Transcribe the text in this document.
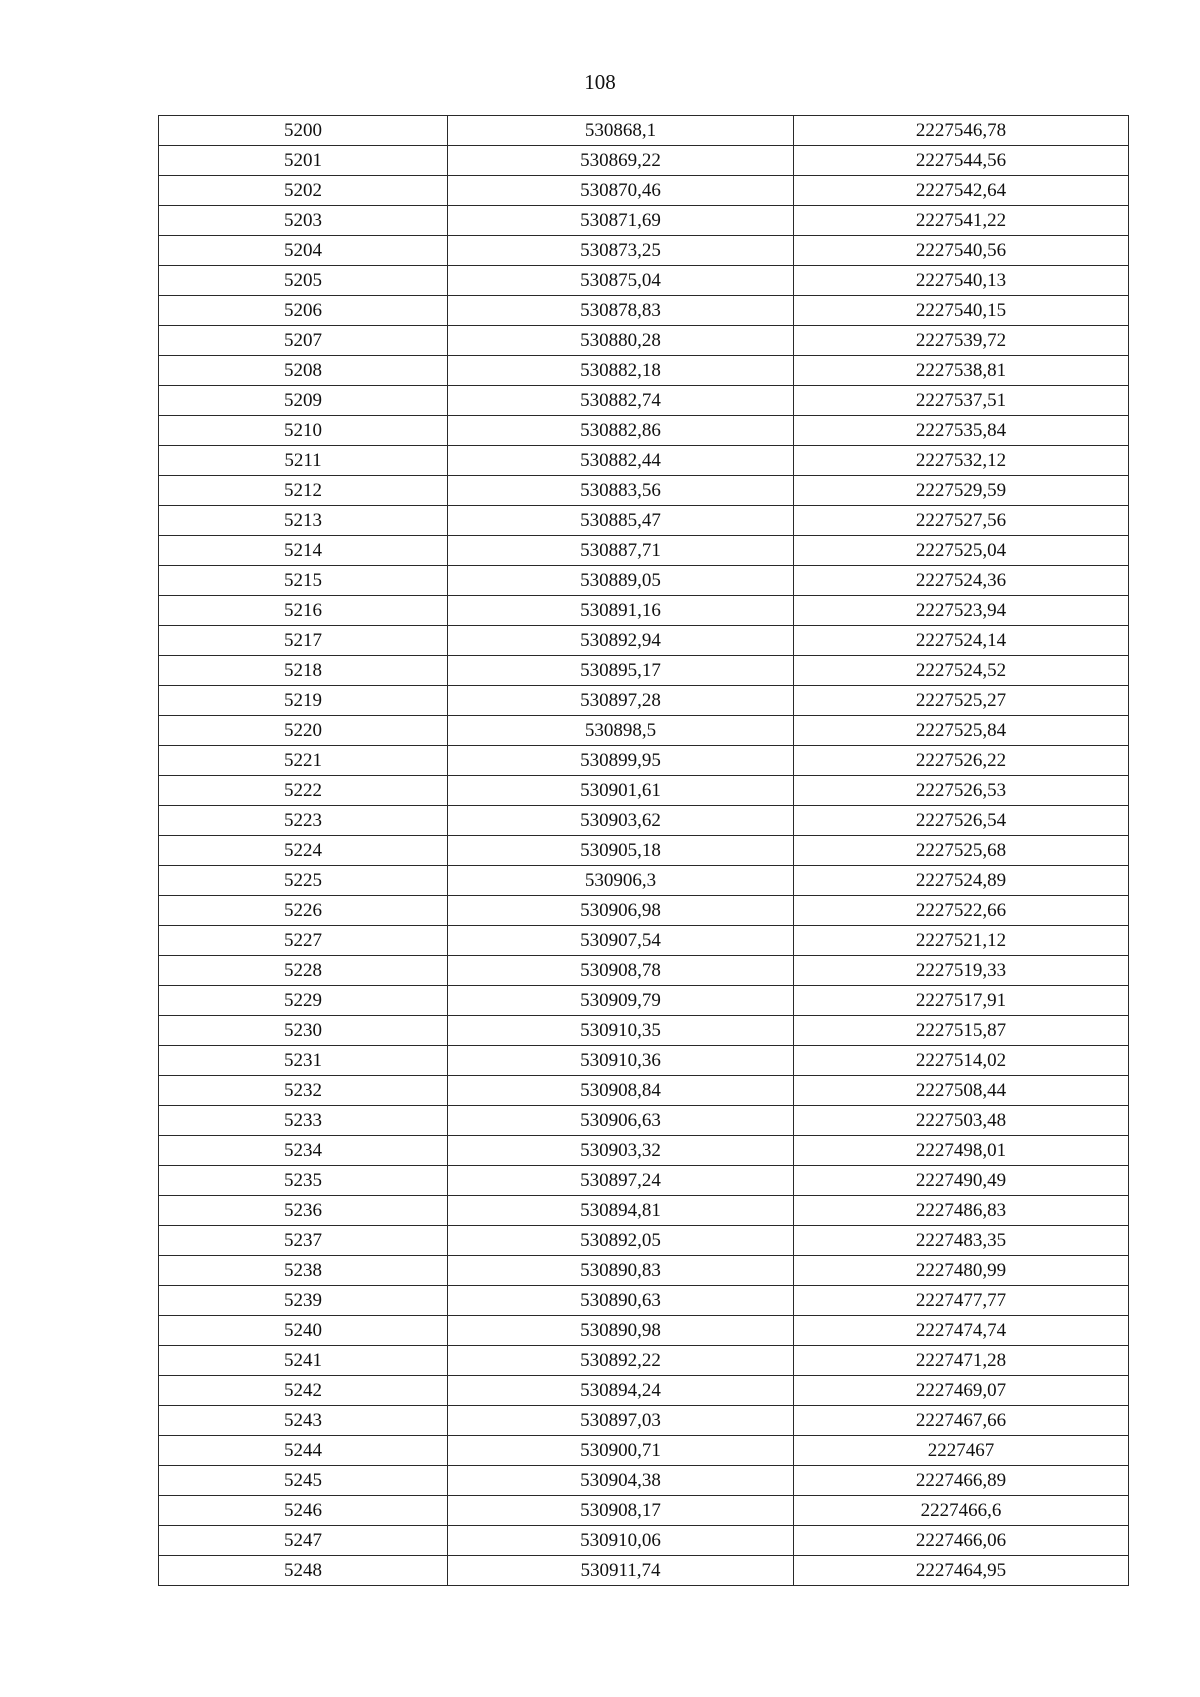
108
5200	530868,1	2227546,78
5201	530869,22	2227544,56
5202	530870,46	2227542,64
5203	530871,69	2227541,22
5204	530873,25	2227540,56
5205	530875,04	2227540,13
5206	530878,83	2227540,15
5207	530880,28	2227539,72
5208	530882,18	2227538,81
5209	530882,74	2227537,51
5210	530882,86	2227535,84
5211	530882,44	2227532,12
5212	530883,56	2227529,59
5213	530885,47	2227527,56
5214	530887,71	2227525,04
5215	530889,05	2227524,36
5216	530891,16	2227523,94
5217	530892,94	2227524,14
5218	530895,17	2227524,52
5219	530897,28	2227525,27
5220	530898,5	2227525,84
5221	530899,95	2227526,22
5222	530901,61	2227526,53
5223	530903,62	2227526,54
5224	530905,18	2227525,68
5225	530906,3	2227524,89
5226	530906,98	2227522,66
5227	530907,54	2227521,12
5228	530908,78	2227519,33
5229	530909,79	2227517,91
5230	530910,35	2227515,87
5231	530910,36	2227514,02
5232	530908,84	2227508,44
5233	530906,63	2227503,48
5234	530903,32	2227498,01
5235	530897,24	2227490,49
5236	530894,81	2227486,83
5237	530892,05	2227483,35
5238	530890,83	2227480,99
5239	530890,63	2227477,77
5240	530890,98	2227474,74
5241	530892,22	2227471,28
5242	530894,24	2227469,07
5243	530897,03	2227467,66
5244	530900,71	2227467
5245	530904,38	2227466,89
5246	530908,17	2227466,6
5247	530910,06	2227466,06
5248	530911,74	2227464,95
